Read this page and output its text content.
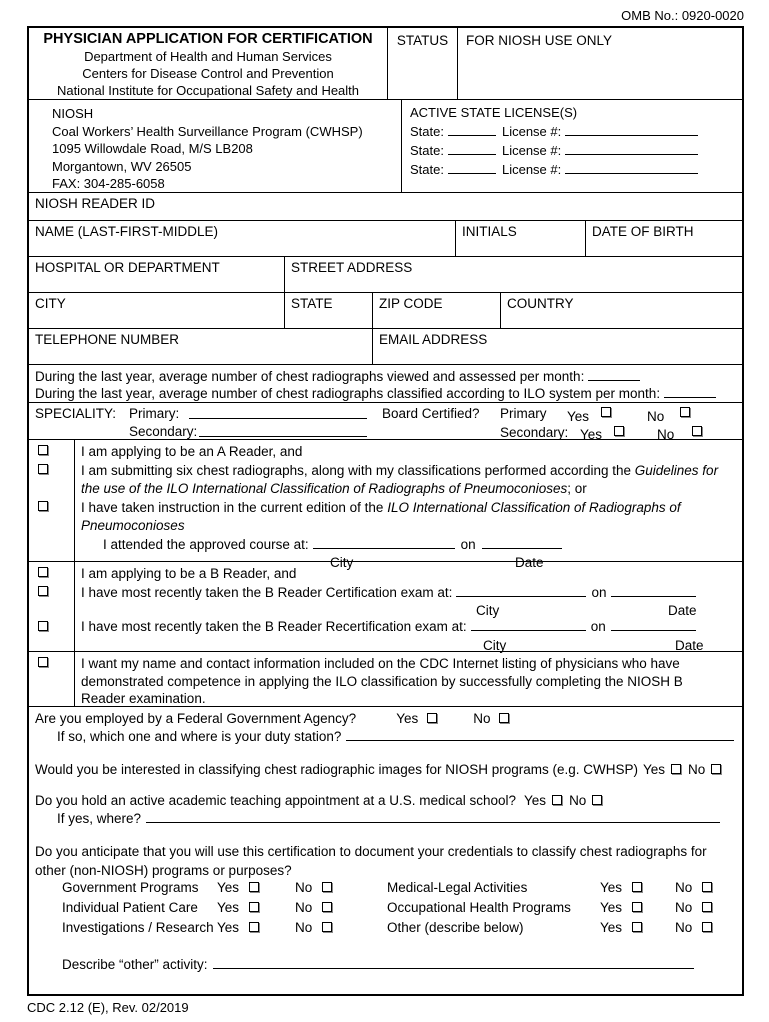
OMB No.: 0920-0020
PHYSICIAN APPLICATION FOR CERTIFICATION
Department of Health and Human Services
Centers for Disease Control and Prevention
National Institute for Occupational Safety and Health
STATUS	FOR NIOSH USE ONLY
NIOSH
Coal Workers’ Health Surveillance Program (CWHSP)
1095 Willowdale Road, M/S LB208
Morgantown, WV 26505
FAX: 304-285-6058
ACTIVE STATE LICENSE(S)
State:	License #:
State:	License #:
State:	License #:
NIOSH READER ID
NAME (LAST-FIRST-MIDDLE)	INITIALS	DATE OF BIRTH
HOSPITAL OR DEPARTMENT	STREET ADDRESS
CITY	STATE	ZIP CODE	COUNTRY
TELEPHONE NUMBER	EMAIL ADDRESS
During the last year, average number of chest radiographs viewed and assessed per month:
During the last year, average number of chest radiographs classified according to ILO system per month:
SPECIALITY: Primary:	Board Certified? Primary Yes	No
Secondary:	Secondary: Yes	No
I am applying to be an A Reader, and
I am submitting six chest radiographs, along with my classifications performed according the Guidelines for the use of the ILO International Classification of Radiographs of Pneumoconioses; or
I have taken instruction in the current edition of the ILO International Classification of Radiographs of Pneumoconioses
I attended the approved course at:	on
City	Date
I am applying to be a B Reader, and
I have most recently taken the B Reader Certification exam at:	on
City	Date
I have most recently taken the B Reader Recertification exam at:	on
City	Date
I want my name and contact information included on the CDC Internet listing of physicians who have demonstrated competence in applying the ILO classification by successfully completing the NIOSH B Reader examination.
Are you employed by a Federal Government Agency?	Yes	No
If so, which one and where is your duty station?
Would you be interested in classifying chest radiographic images for NIOSH programs (e.g. CWHSP) Yes No
Do you hold an active academic teaching appointment at a U.S. medical school? Yes No
If yes, where?
Do you anticipate that you will use this certification to document your credentials to classify chest radiographs for other (non-NIOSH) programs or purposes?
Government Programs	Yes	No	Medical-Legal Activities	Yes	No
Individual Patient Care	Yes	No	Occupational Health Programs	Yes	No
Investigations / Research Yes	No	Other (describe below)	Yes	No
Describe “other” activity:
CDC 2.12 (E), Rev. 02/2019
